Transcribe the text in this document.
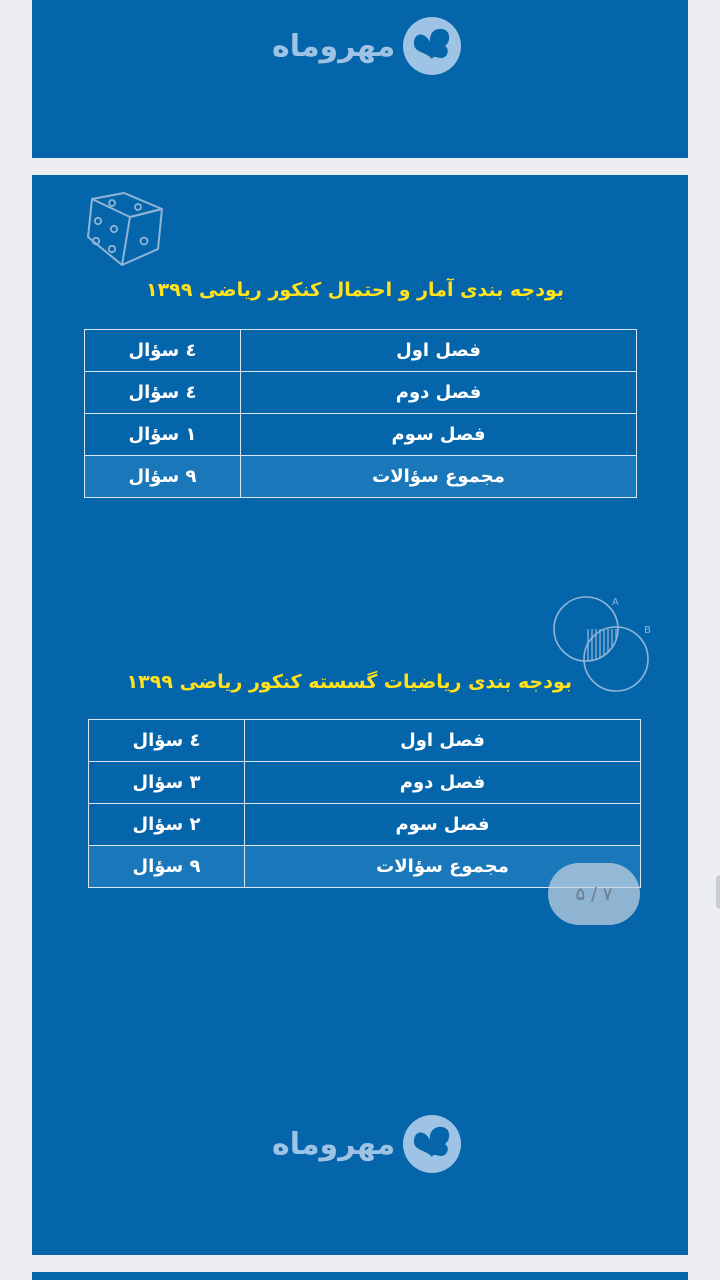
مهروماه
بودجه بندی آمار و احتمال کنکور ریاضی ۱۳۹۹
فصل اول	٤ سؤال
فصل دوم	٤ سؤال
فصل سوم	۱ سؤال
مجموع سؤالات	۹ سؤال
A
B
بودجه بندی ریاضیات گسسته کنکور ریاضی ۱۳۹۹
فصل اول	٤ سؤال
فصل دوم	۳ سؤال
فصل سوم	۲ سؤال
مجموع سؤالات	۹ سؤال
۵ / ۷
مهروماه
